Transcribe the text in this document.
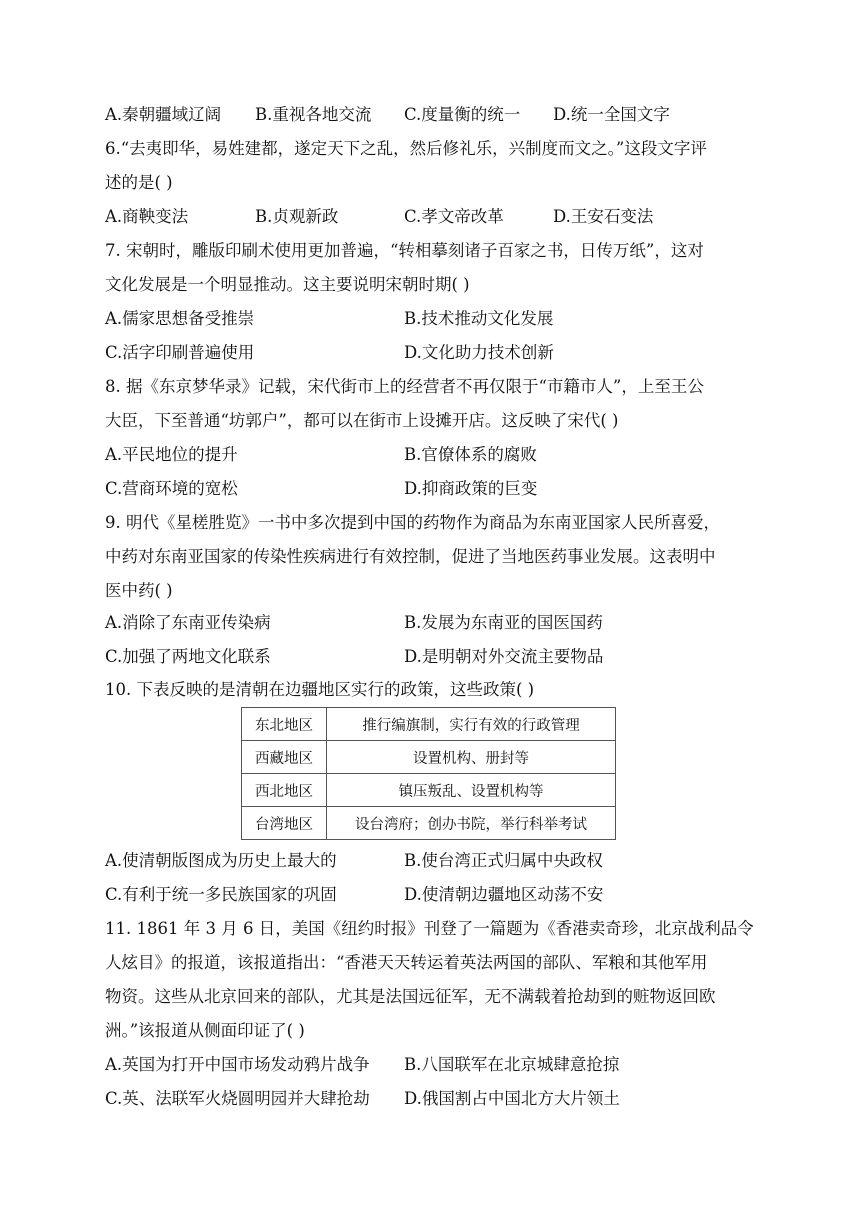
A.秦朝疆域辽阔 B.重视各地交流 C.度量衡的统一 D.统一全国文字
6.“去夷即华，易姓建都，遂定天下之乱，然后修礼乐，兴制度而文之。”这段文字评
述的是( )
A.商鞅变法	B.贞观新政	C.孝文帝改革	D.王安石变法
7. 宋朝时，雕版印刷术使用更加普遍，“转相摹刻诸子百家之书，日传万纸”，这对
文化发展是一个明显推动。这主要说明宋朝时期( )
A.儒家思想备受推崇	B.技术推动文化发展
C.活字印刷普遍使用	D.文化助力技术创新
8. 据《东京梦华录》记载，宋代街市上的经营者不再仅限于“市籍市人”，上至王公
大臣，下至普通“坊郭户”，都可以在街市上设摊开店。这反映了宋代( )
A.平民地位的提升	B.官僚体系的腐败
C.营商环境的宽松	D.抑商政策的巨变
9. 明代《星槎胜览》一书中多次提到中国的药物作为商品为东南亚国家人民所喜爱，
中药对东南亚国家的传染性疾病进行有效控制，促进了当地医药事业发展。这表明中
医中药( )
A.消除了东南亚传染病	B.发展为东南亚的国医国药
C.加强了两地文化联系	D.是明朝对外交流主要物品
10. 下表反映的是清朝在边疆地区实行的政策，这些政策( )
东北地区	推行编旗制，实行有效的行政管理
西藏地区	设置机构、册封等
西北地区	镇压叛乱、设置机构等
台湾地区	设台湾府；创办书院，举行科举考试
A.使清朝版图成为历史上最大的	B.使台湾正式归属中央政权
C.有利于统一多民族国家的巩固	D.使清朝边疆地区动荡不安
11. 1861 年 3 月 6 日，美国《纽约时报》刊登了一篇题为《香港卖奇珍，北京战利品令
人炫目》的报道，该报道指出：“香港天天转运着英法两国的部队、军粮和其他军用
物资。这些从北京回来的部队，尤其是法国远征军，无不满载着抢劫到的赃物返回欧
洲。”该报道从侧面印证了( )
A.英国为打开中国市场发动鸦片战争 B.八国联军在北京城肆意抢掠
C.英、法联军火烧圆明园并大肆抢劫 D.俄国割占中国北方大片领土
